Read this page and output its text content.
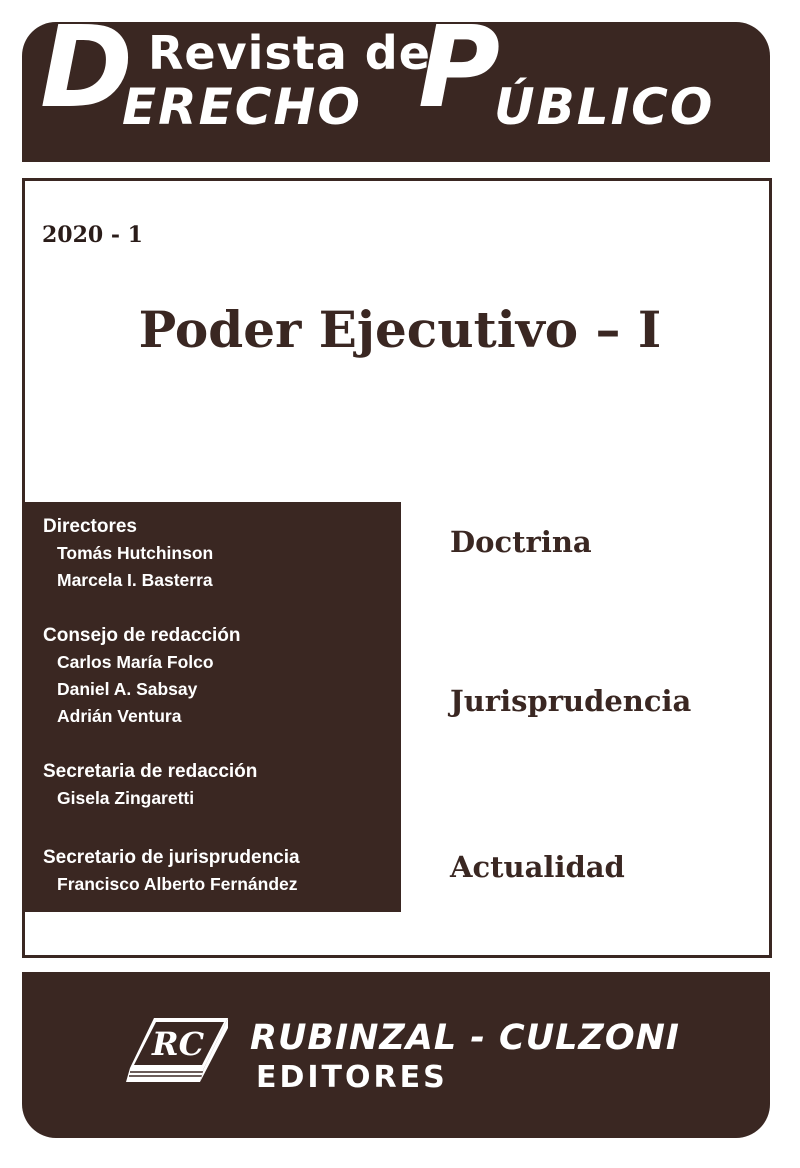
D Revista de
ERECHO P
ÚBLICO
2020 - 1
Poder Ejecutivo – I
Directores
Tomás Hutchinson
Marcela I. Basterra
Consejo de redacción
Carlos María Folco
Daniel A. Sabsay
Adrián Ventura
Secretaria de redacción
Gisela Zingaretti
Secretario de jurisprudencia
Francisco Alberto Fernández
Doctrina
Jurisprudencia
Actualidad
RC RUBINZAL - CULZONI
EDITORES
